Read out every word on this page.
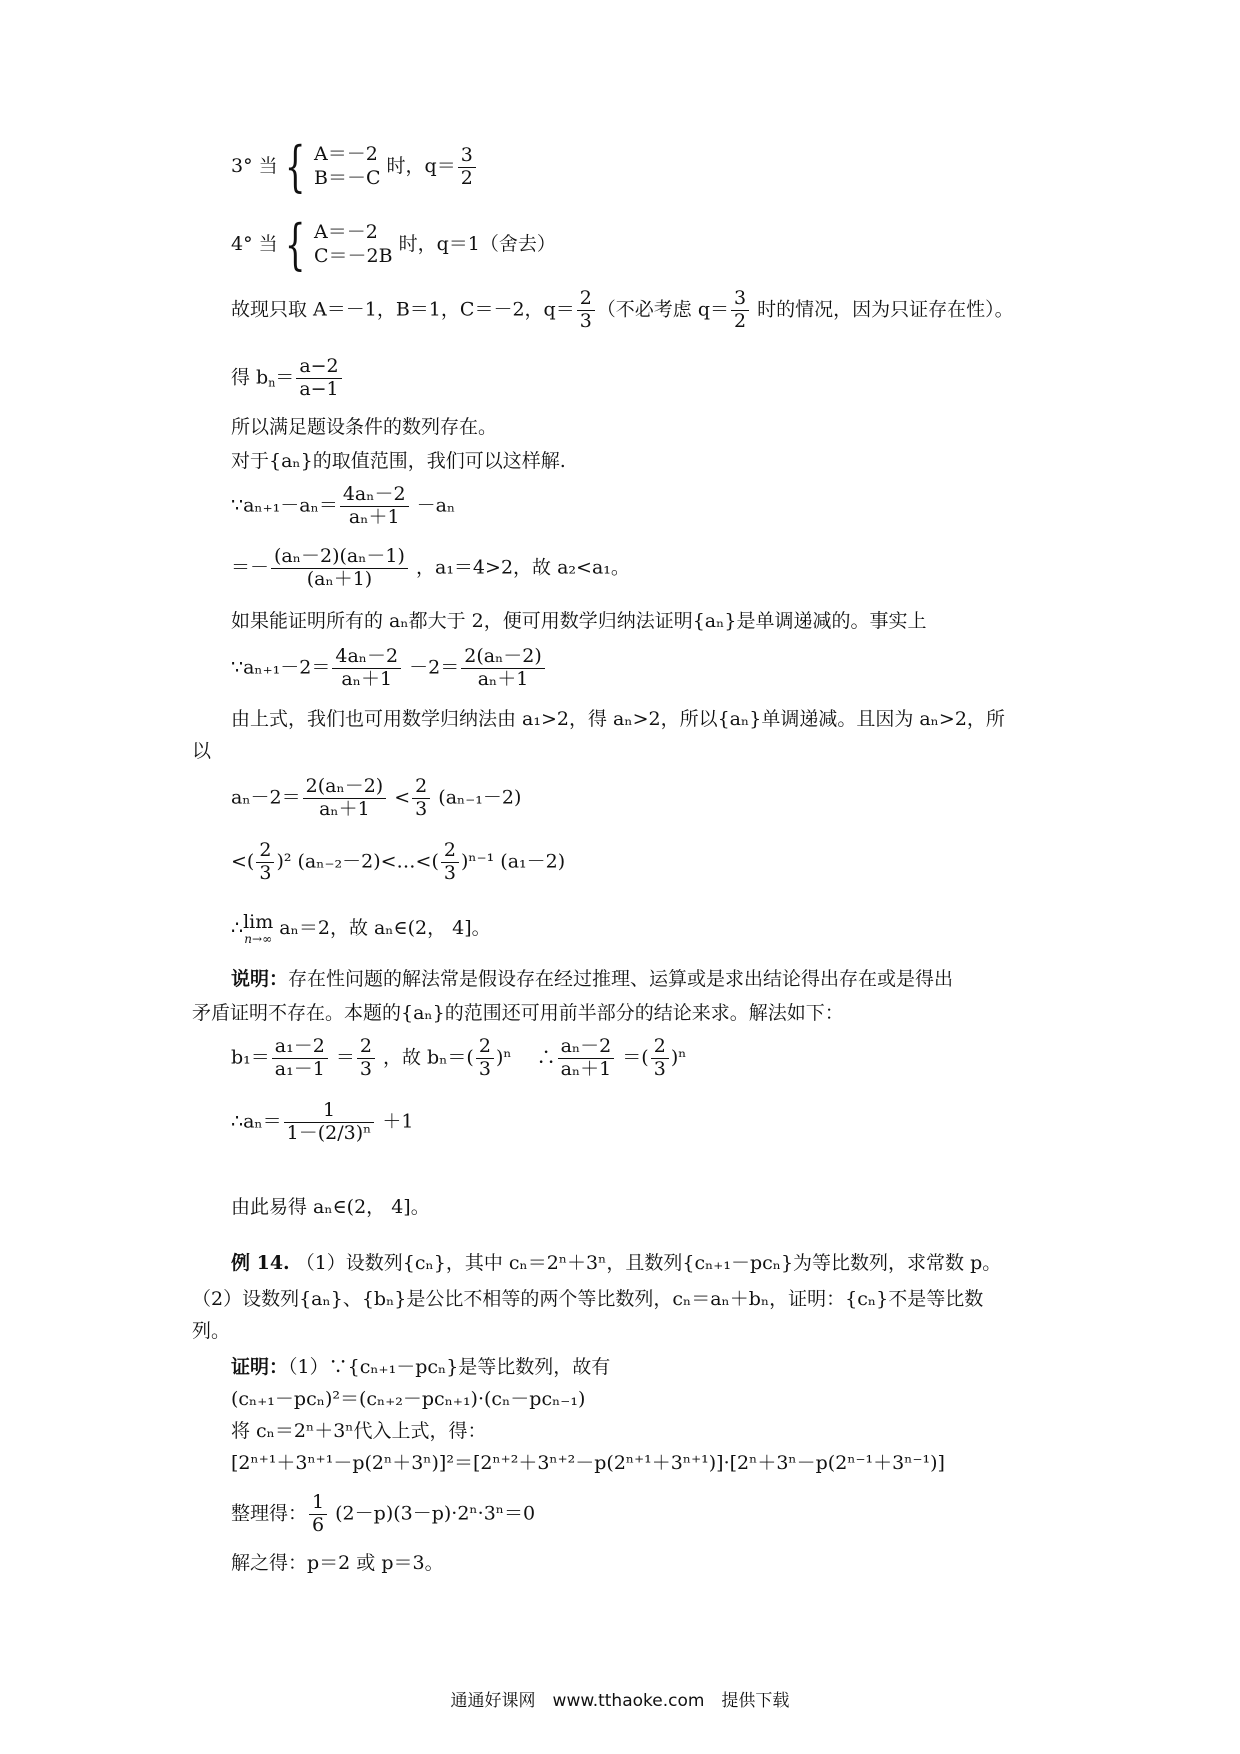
3° 当 { A＝－2
B＝－C
时，$q= \frac{3}{2}$
4° 当 { A＝－2
C＝－2B
时，q＝1（舍去）
故现只取 A＝－1，B＝1，C＝－2，$q= \frac{2}{3}$ （不必考虑 $q= \frac{3}{2}$ 时的情况，因为只证存在性）。
得 $b_n= \frac{a-2}{a-1}$
所以满足题设条件的数列存在。
对于{aₙ}的取值范围，我们可以这样解.
∵aₙ₊₁－aₙ＝ $\frac{\text{4aₙ－2}}{\text{aₙ＋1}} -a_n$
＝－ $\frac{\text{(aₙ－2)(aₙ－1)}}{\text{(aₙ＋1)}}$ ，a₁＝4>2，故 a₂<a₁。
如果能证明所有的 aₙ都大于 2，便可用数学归纳法证明{aₙ}是单调递减的。事实上
∵aₙ₊₁－2＝ $\frac{\text{4aₙ－2}}{\text{aₙ＋1}} -2= \frac{\text{2(aₙ－2)}}{\text{aₙ＋1}}$
由上式，我们也可用数学归纳法由 a₁>2，得 aₙ>2，所以{aₙ}单调递减。且因为 aₙ>2，所
以
$a_n-2= \frac{\text{2(aₙ－2)}}{\text{aₙ＋1}} < \frac{2}{3} (a_{n-1}-2)$
<( $\frac{2}{3} )^2$ (aₙ₋₂－2)<…<( $\frac{2}{3} )^{n-1}$ (a₁－2)
∴lim
n→∞ aₙ＝2，故 aₙ∈(2， 4]。
说明：存在性问题的解法常是假设存在经过推理、运算或是求出结论得出存在或是得出
矛盾证明不存在。本题的{aₙ}的范围还可用前半部分的结论来求。解法如下：
$b_1= \frac{\text{a₁－2}}{\text{a₁－1}} = \frac{2}{3}$ ，故 $b_n=( \frac{2}{3} )^n$　 ∴ $\frac{\text{aₙ－2}}{\text{aₙ＋1}}$ ＝( $\frac{2}{3} )^n$
∴aₙ＝ $\frac{1}{\text{1－(2/3)ⁿ}} +1$
由此易得 aₙ∈(2， 4]。
例 14. （1）设数列{cₙ}，其中 cₙ＝2ⁿ＋3ⁿ，且数列{cₙ₊₁－pcₙ}为等比数列，求常数 p。
（2）设数列{aₙ}、{bₙ}是公比不相等的两个等比数列，cₙ＝aₙ＋bₙ，证明：{cₙ}不是等比数
列。
证明：（1）∵{cₙ₊₁－pcₙ}是等比数列，故有
(cₙ₊₁－pcₙ)²＝(cₙ₊₂－pcₙ₊₁)·(cₙ－pcₙ₋₁)
将 cₙ＝2ⁿ＋3ⁿ代入上式，得：
[2ⁿ⁺¹＋3ⁿ⁺¹－p(2ⁿ＋3ⁿ)]²＝[2ⁿ⁺²＋3ⁿ⁺²－p(2ⁿ⁺¹＋3ⁿ⁺¹)]·[2ⁿ＋3ⁿ－p(2ⁿ⁻¹＋3ⁿ⁻¹)]
整理得： $\frac{1}{6} (2-p)(3-p)\cdot 2^n\cdot 3^n=0$
解之得：p＝2 或 p＝3。
通通好课网　www.tthaoke.com　提供下载
